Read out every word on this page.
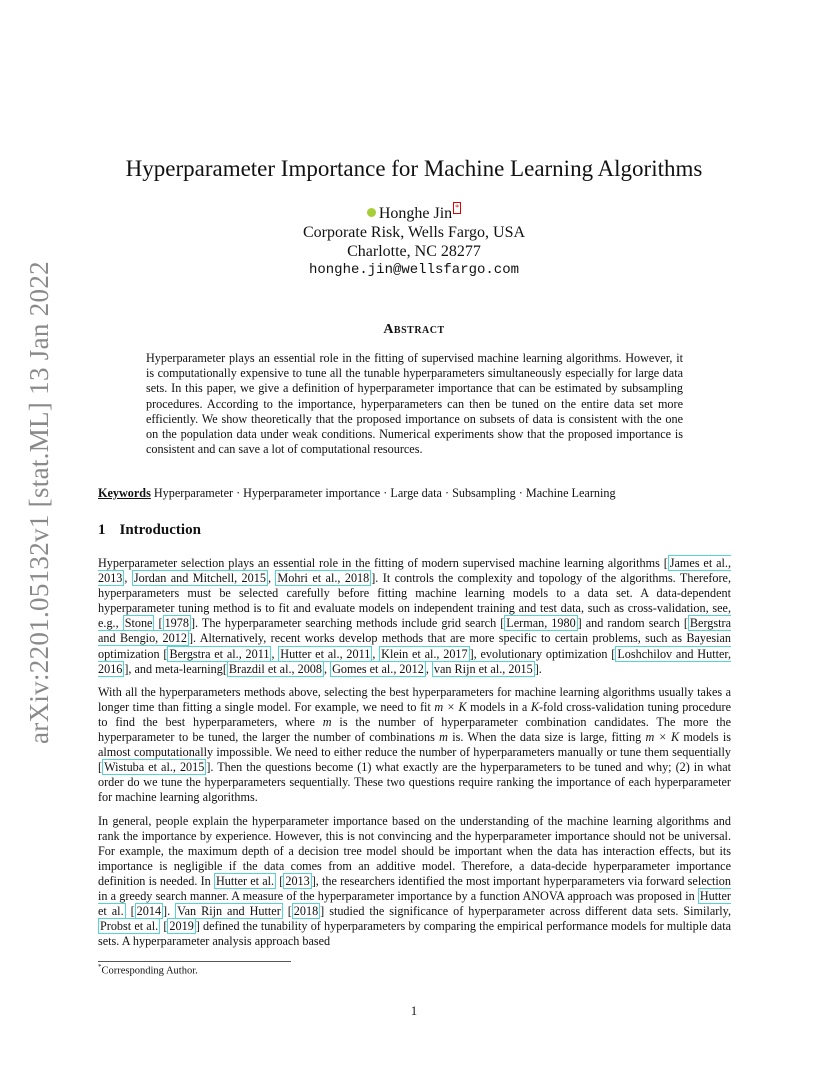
arXiv:2201.05132v1 [stat.ML] 13 Jan 2022
Hyperparameter Importance for Machine Learning Algorithms
Honghe Jin *
Corporate Risk, Wells Fargo, USA
Charlotte, NC 28277
honghe.jin@wellsfargo.com
Abstract
Hyperparameter plays an essential role in the fitting of supervised machine learning algorithms. However, it is computationally expensive to tune all the tunable hyperparameters simultaneously especially for large data sets. In this paper, we give a definition of hyperparameter importance that can be estimated by subsampling procedures. According to the importance, hyperparameters can then be tuned on the entire data set more efficiently. We show theoretically that the proposed importance on subsets of data is consistent with the one on the population data under weak conditions. Numerical experiments show that the proposed importance is consistent and can save a lot of computational resources.
Keywords Hyperparameter · Hyperparameter importance · Large data · Subsampling · Machine Learning
1 Introduction

Hyperparameter selection plays an essential role in the fitting of modern supervised machine learning algorithms [ James et al., 2013 , Jordan and Mitchell, 2015 , Mohri et al., 2018 ]. It controls the complexity and topology of the algorithms. Therefore, hyperparameters must be selected carefully before fitting machine learning models to a data set. A data-dependent hyperparameter tuning method is to fit and evaluate models on independent training and test data, such as cross-validation, see, e.g., Stone [ 1978 ]. The hyperparameter searching methods include grid search [ Lerman, 1980 ] and random search [ Bergstra and Bengio, 2012 ]. Alternatively, recent works develop methods that are more specific to certain problems, such as Bayesian optimization [ Bergstra et al., 2011 , Hutter et al., 2011 , Klein et al., 2017 ], evolutionary optimization [ Loshchilov and Hutter, 2016 ], and meta-learning[ Brazdil et al., 2008 , Gomes et al., 2012 , van Rijn et al., 2015 ].

With all the hyperparameters methods above, selecting the best hyperparameters for machine learning algorithms usually takes a longer time than fitting a single model. For example, we need to fit m × K models in a K-fold cross-validation tuning procedure to find the best hyperparameters, where m is the number of hyperparameter combination candidates. The more the hyperparameter to be tuned, the larger the number of combinations m is. When the data size is large, fitting m × K models is almost computationally impossible. We need to either reduce the number of hyperparameters manually or tune them sequentially [ Wistuba et al., 2015 ]. Then the questions become (1) what exactly are the hyperparameters to be tuned and why; (2) in what order do we tune the hyperparameters sequentially. These two questions require ranking the importance of each hyperparameter for machine learning algorithms.

In general, people explain the hyperparameter importance based on the understanding of the machine learning algorithms and rank the importance by experience. However, this is not convincing and the hyperparameter importance should not be universal. For example, the maximum depth of a decision tree model should be important when the data has interaction effects, but its importance is negligible if the data comes from an additive model. Therefore, a data-decide hyperparameter importance definition is needed. In Hutter et al. [ 2013 ], the researchers identified the most important hyperparameters via forward selection in a greedy search manner. A measure of the hyperparameter importance by a function ANOVA approach was proposed in Hutter et al. [ 2014 ]. Van Rijn and Hutter [ 2018 ] studied the significance of hyperparameter across different data sets. Similarly, Probst et al. [ 2019 ] defined the tunability of hyperparameters by comparing the empirical performance models for multiple data sets. A hyperparameter analysis approach based

*Corresponding Author.
1
